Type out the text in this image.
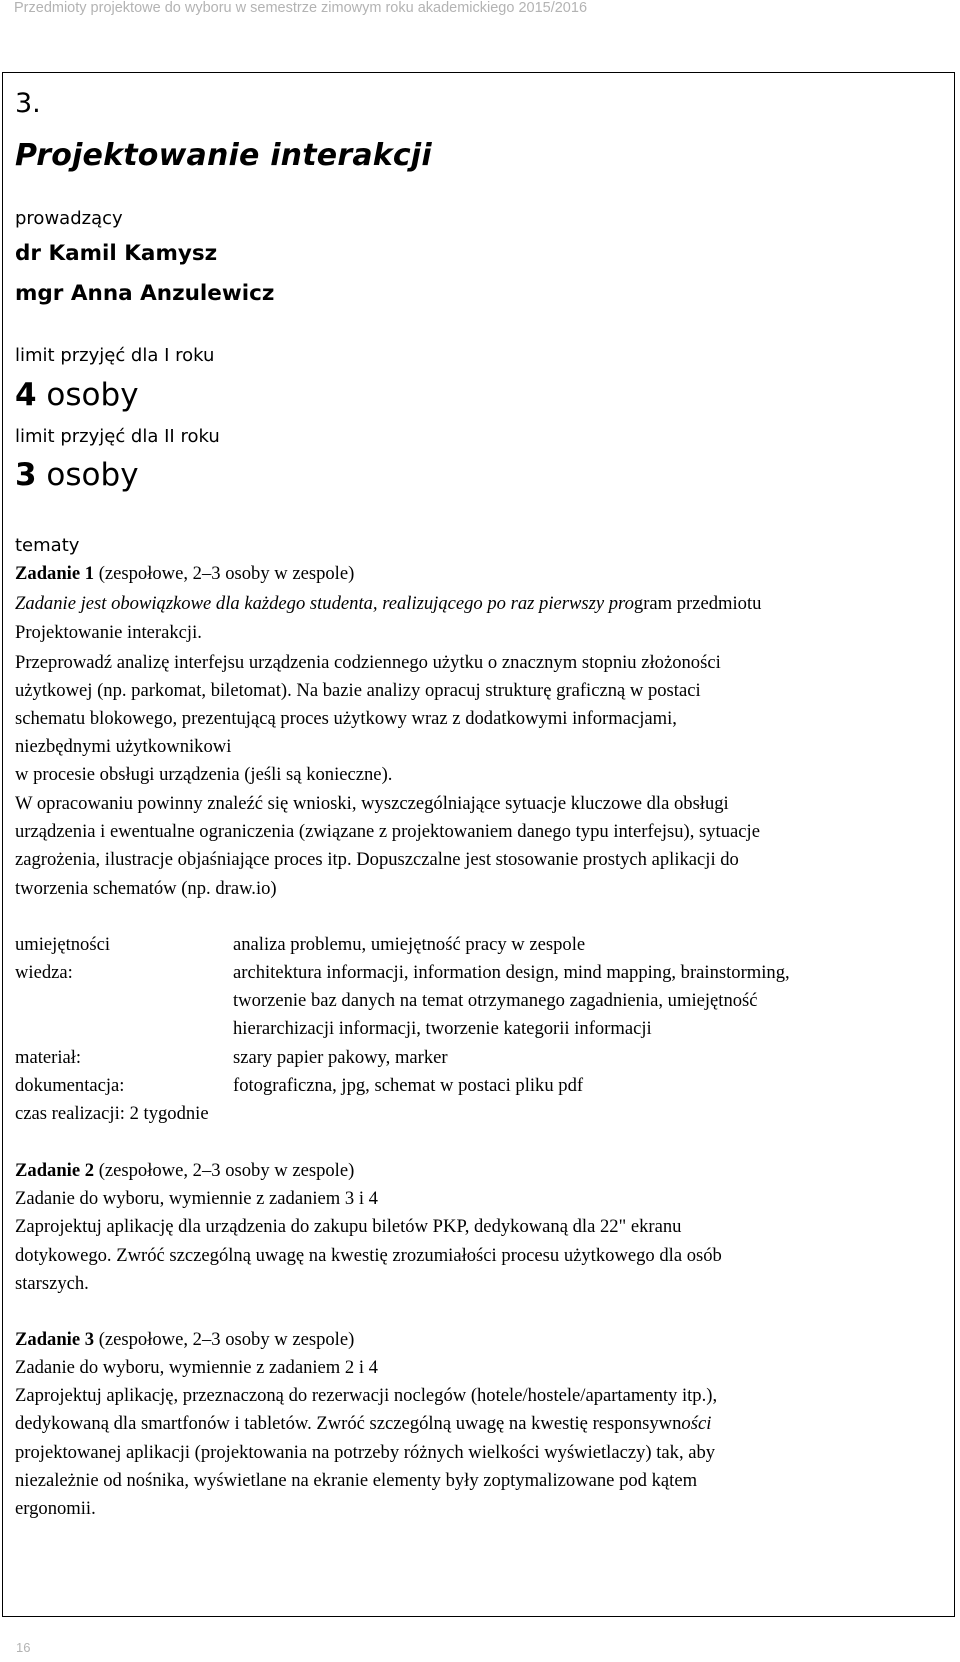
Przedmioty projektowe do wyboru w semestrze zimowym roku akademickiego 2015/2016
3.
Projektowanie interakcji
prowadzący
dr Kamil Kamysz
mgr Anna Anzulewicz
limit przyjęć dla I roku
4 osoby
limit przyjęć dla II roku
3 osoby
tematy
Zadanie 1 (zespołowe, 2–3 osoby w zespole)
Zadanie jest obowiązkowe dla każdego studenta, realizującego po raz pierwszy program przedmiotu
Projektowanie interakcji.
Przeprowadź analizę interfejsu urządzenia codziennego użytku o znacznym stopniu złożoności
użytkowej (np. parkomat, biletomat). Na bazie analizy opracuj strukturę graficzną w postaci
schematu blokowego, prezentującą proces użytkowy wraz z dodatkowymi informacjami,
niezbędnymi użytkownikowi
w procesie obsługi urządzenia (jeśli są konieczne).
W opracowaniu powinny znaleźć się wnioski, wyszczególniające sytuacje kluczowe dla obsługi
urządzenia i ewentualne ograniczenia (związane z projektowaniem danego typu interfejsu), sytuacje
zagrożenia, ilustracje objaśniające proces itp. Dopuszczalne jest stosowanie prostych aplikacji do
tworzenia schematów (np. draw.io)
umiejętności	analiza problemu, umiejętność pracy w zespole
wiedza:	architektura informacji, information design, mind mapping, brainstorming,
tworzenie baz danych na temat otrzymanego zagadnienia, umiejętność
hierarchizacji informacji, tworzenie kategorii informacji
materiał:	szary papier pakowy, marker
dokumentacja:	fotograficzna, jpg, schemat w postaci pliku pdf
czas realizacji: 2 tygodnie
Zadanie 2 (zespołowe, 2–3 osoby w zespole)
Zadanie do wyboru, wymiennie z zadaniem 3 i 4
Zaprojektuj aplikację dla urządzenia do zakupu biletów PKP, dedykowaną dla 22" ekranu
dotykowego. Zwróć szczególną uwagę na kwestię zrozumiałości procesu użytkowego dla osób
starszych.
Zadanie 3 (zespołowe, 2–3 osoby w zespole)
Zadanie do wyboru, wymiennie z zadaniem 2 i 4
Zaprojektuj aplikację, przeznaczoną do rezerwacji noclegów (hotele/hostele/apartamenty itp.),
dedykowaną dla smartfonów i tabletów. Zwróć szczególną uwagę na kwestię responsywności
projektowanej aplikacji (projektowania na potrzeby różnych wielkości wyświetlaczy) tak, aby
niezależnie od nośnika, wyświetlane na ekranie elementy były zoptymalizowane pod kątem
ergonomii.
16
